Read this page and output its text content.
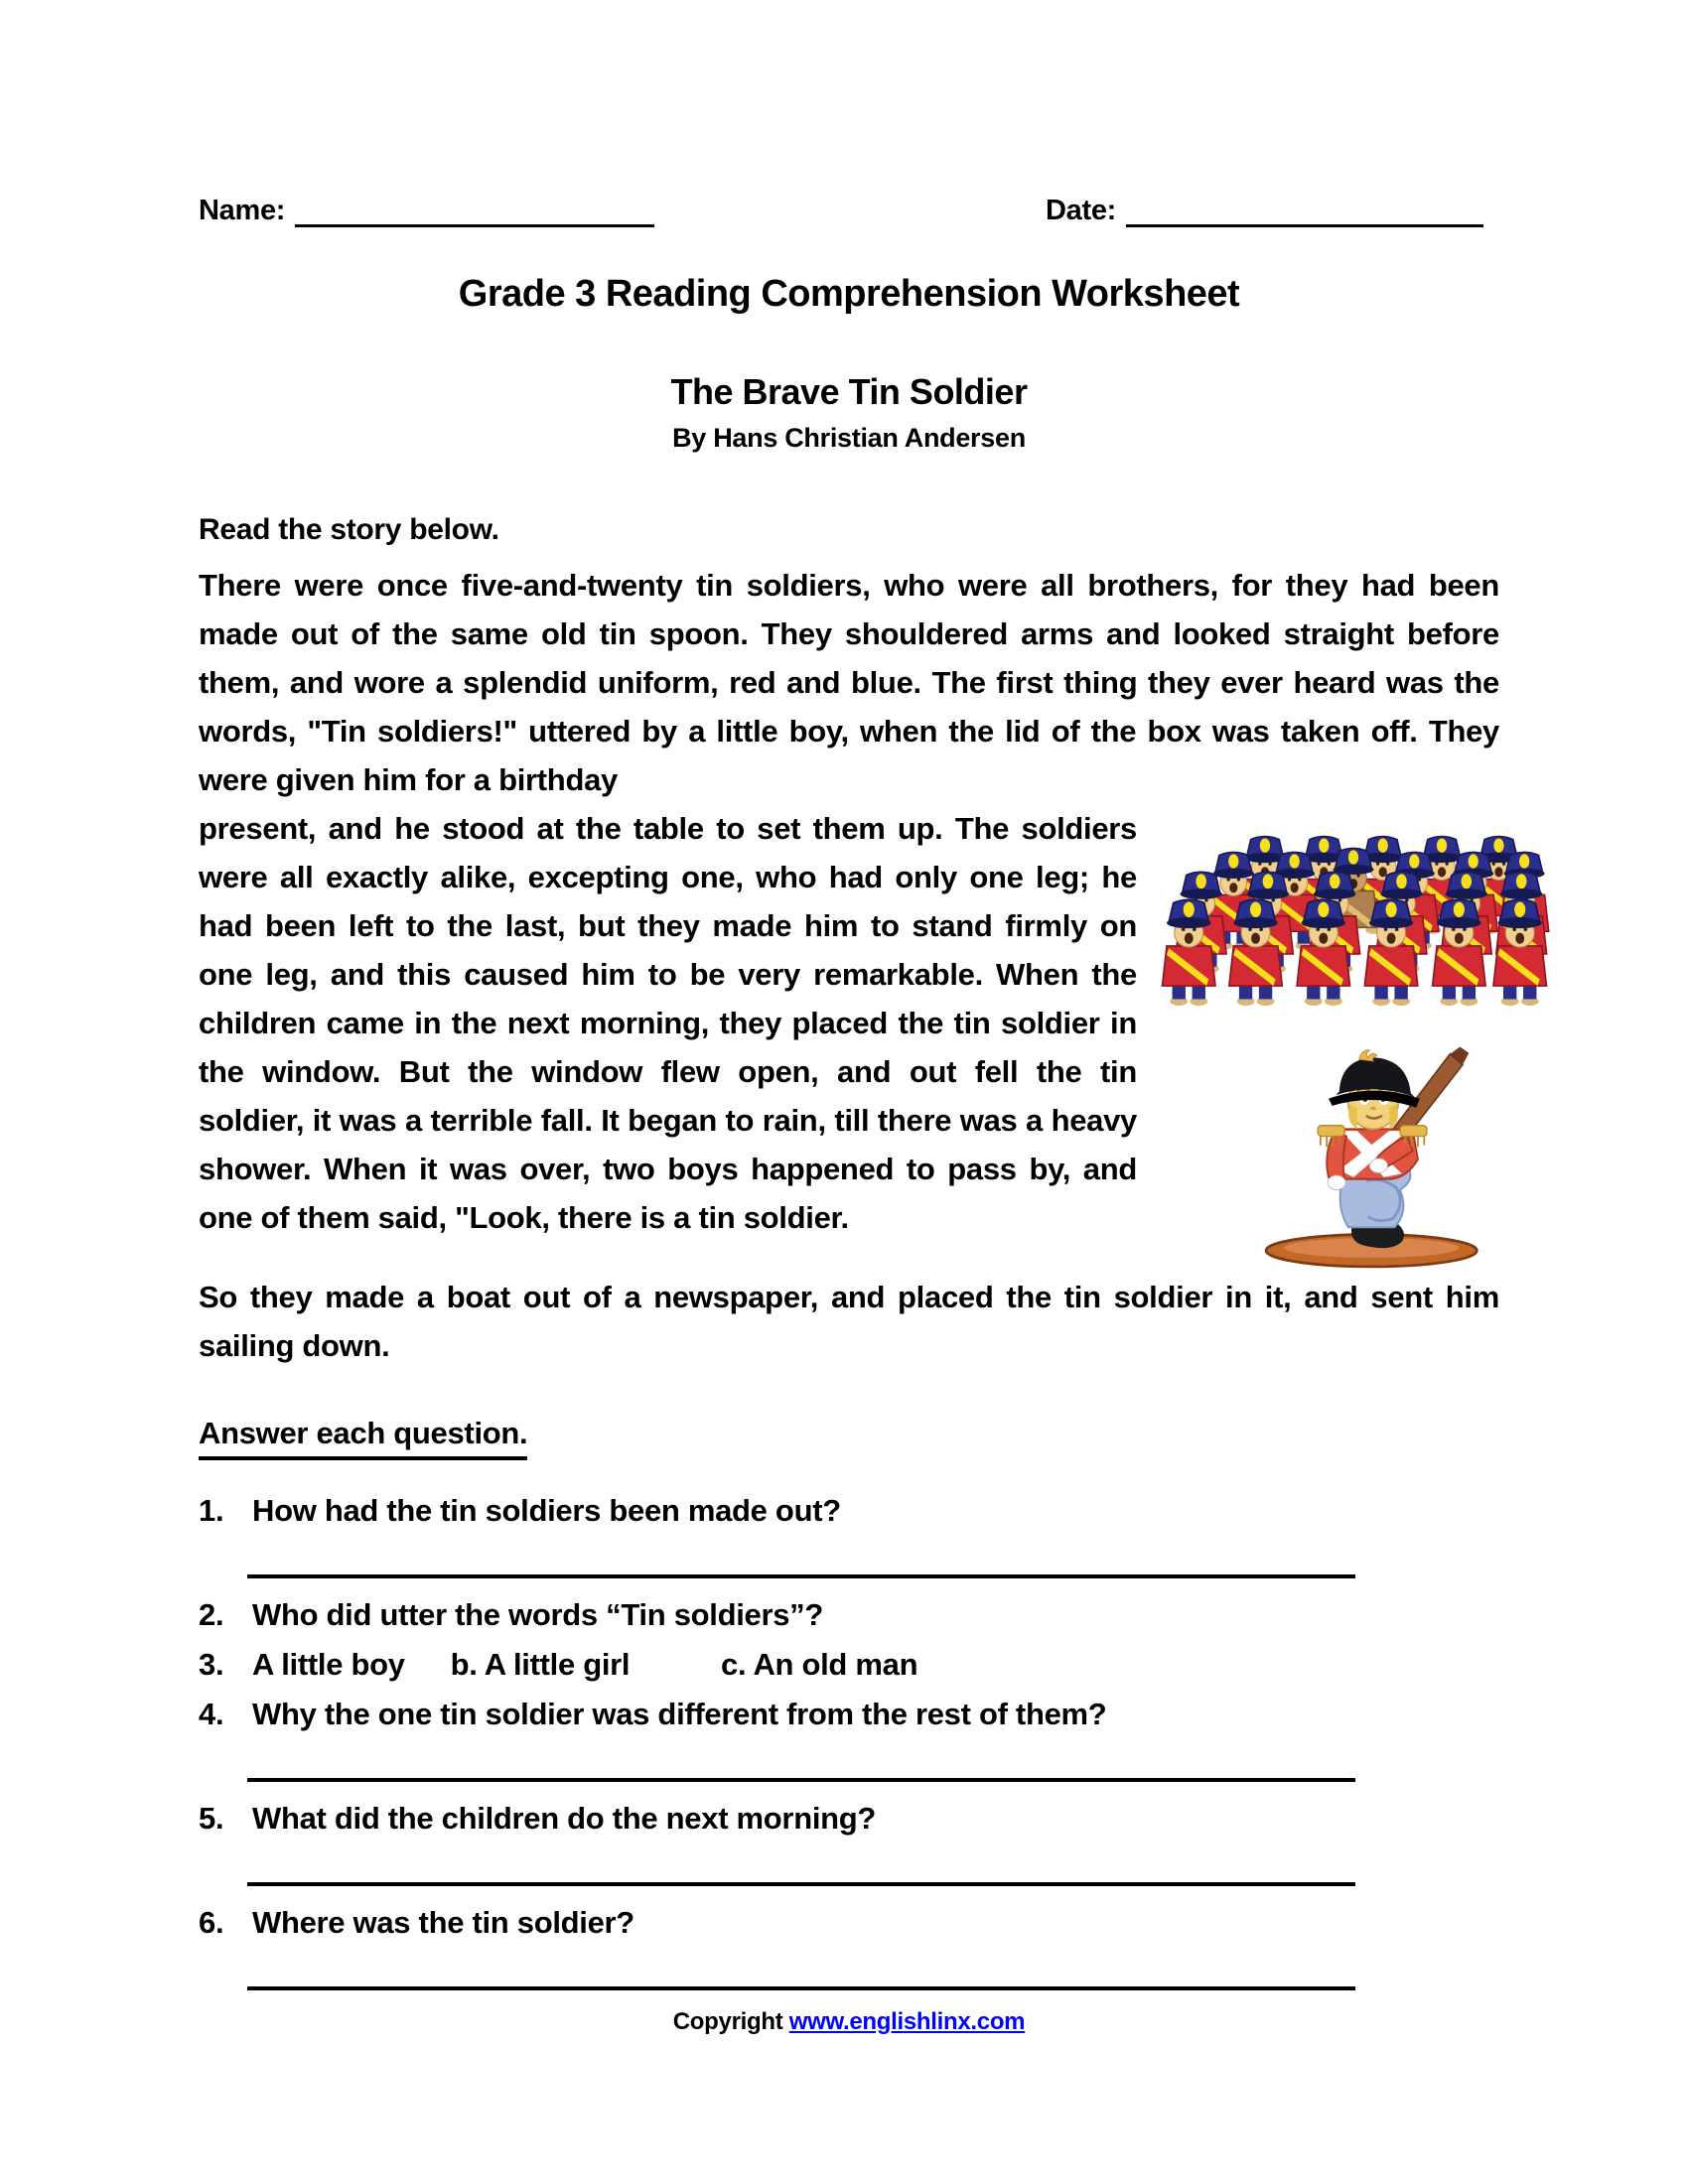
Name:	Date:
Grade 3 Reading Comprehension Worksheet
The Brave Tin Soldier
By Hans Christian Andersen
Read the story below.
There were once five-and-twenty tin soldiers, who were all brothers, for they had been made out of the same old tin spoon. They shouldered arms and looked straight before them, and wore a splendid uniform, red and blue. The first thing they ever heard was the words, "Tin soldiers!" uttered by a little boy, when the lid of the box was taken off. They were given him for a birthday
present, and he stood at the table to set them up. The soldiers were all exactly alike, excepting one, who had only one leg; he had been left to the last, but they made him to stand firmly on one leg, and this caused him to be very remarkable. When the children came in the next morning, they placed the tin soldier in the window. But the window flew open, and out fell the tin soldier, it was a terrible fall. It began to rain, till there was a heavy shower. When it was over, two boys happened to pass by, and one of them said, "Look, there is a tin soldier.
So they made a boat out of a newspaper, and placed the tin soldier in it, and sent him sailing down.
Answer each question.
1. How had the tin soldiers been made out?
2. Who did utter the words “Tin soldiers”?
3. A little boy  b. A little girl    c. An old man
4. Why the one tin soldier was different from the rest of them?
5. What did the children do the next morning?
6. Where was the tin soldier?
Copyright www.englishlinx.com
